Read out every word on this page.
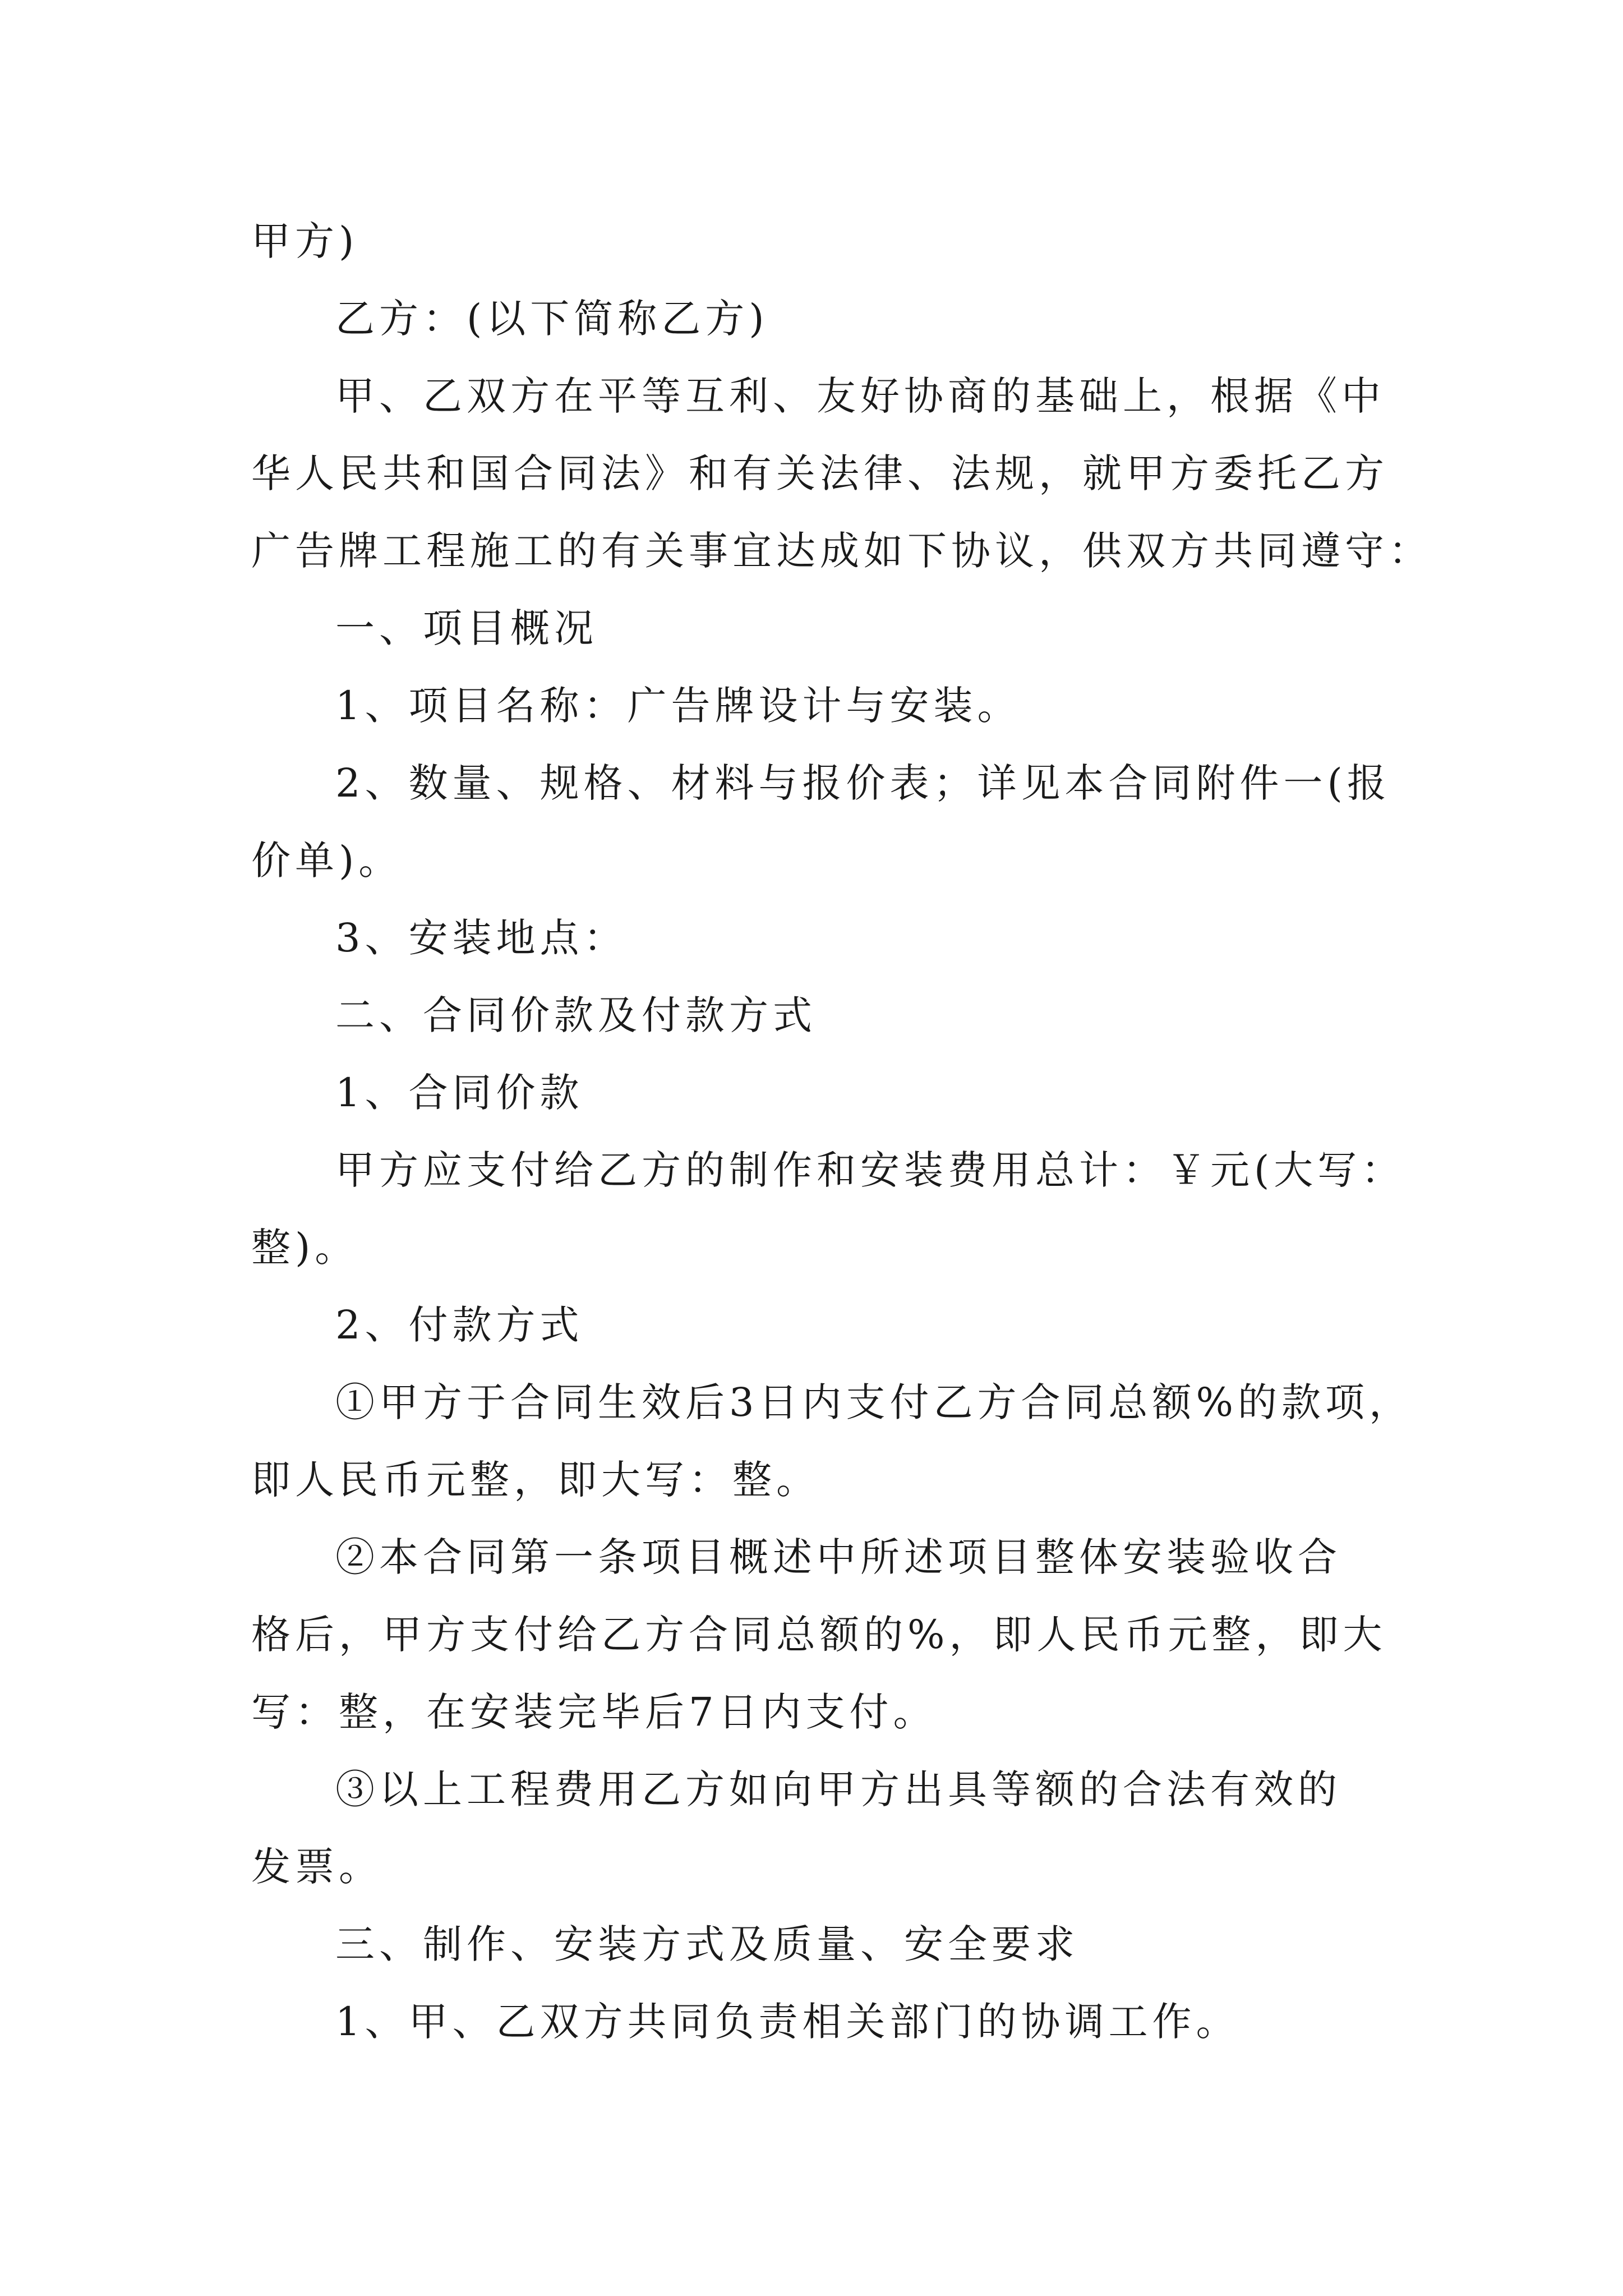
甲方)
乙方：(以下简称乙方)
甲、乙双方在平等互利、友好协商的基础上，根据《中
华人民共和国合同法》和有关法律、法规，就甲方委托乙方
广告牌工程施工的有关事宜达成如下协议，供双方共同遵守：
一、项目概况
1、项目名称：广告牌设计与安装。
2、数量、规格、材料与报价表；详见本合同附件一(报
价单)。
3、安装地点：
二、合同价款及付款方式
1、合同价款
甲方应支付给乙方的制作和安装费用总计：￥元(大写：
整)。
2、付款方式
①甲方于合同生效后3日内支付乙方合同总额%的款项，
即人民币元整，即大写：整。
②本合同第一条项目概述中所述项目整体安装验收合
格后，甲方支付给乙方合同总额的%，即人民币元整，即大
写：整，在安装完毕后7日内支付。
③以上工程费用乙方如向甲方出具等额的合法有效的
发票。
三、制作、安装方式及质量、安全要求
1、甲、乙双方共同负责相关部门的协调工作。
